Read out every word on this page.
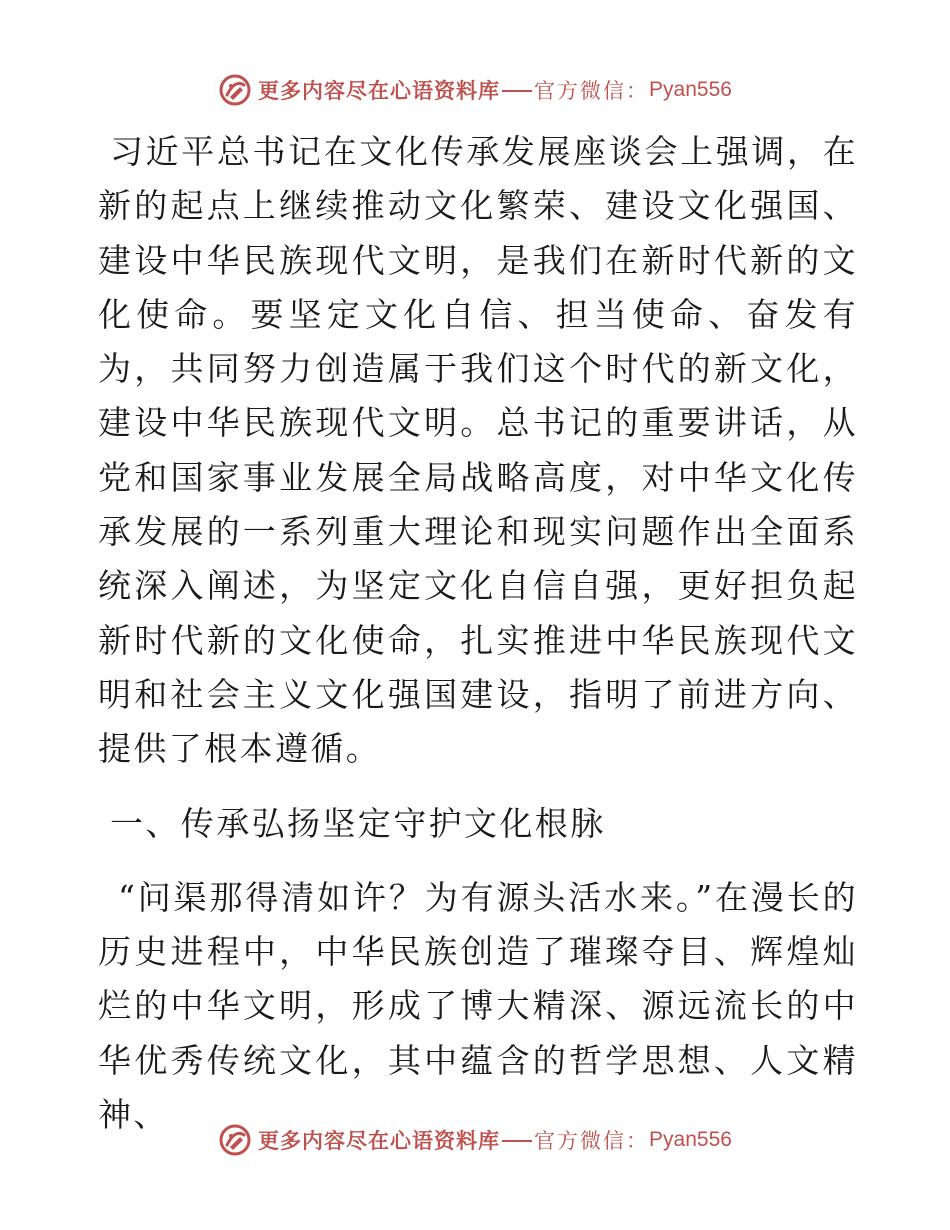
更多内容尽在心语资料库 官方微信： Pyan556

习近平总书记在文化传承发展座谈会上强调，在新的起点上继续推动文化繁荣、建设文化强国、建设中华民族现代文明，是我们在新时代新的文化使命。要坚定文化自信、担当使命、奋发有为，共同努力创造属于我们这个时代的新文化，建设中华民族现代文明。总书记的重要讲话，从党和国家事业发展全局战略高度，对中华文化传承发展的一系列重大理论和现实问题作出全面系统深入阐述，为坚定文化自信自强，更好担负起新时代新的文化使命，扎实推进中华民族现代文明和社会主义文化强国建设，指明了前进方向、提供了根本遵循。

一、传承弘扬坚定守护文化根脉

“问渠那得清如许？为有源头活水来。”在漫长的历史进程中，中华民族创造了璀璨夺目、辉煌灿烂的中华文明，形成了博大精深、源远流长的中华优秀传统文化，其中蕴含的哲学思想、人文精神、

更多内容尽在心语资料库 官方微信： Pyan556
